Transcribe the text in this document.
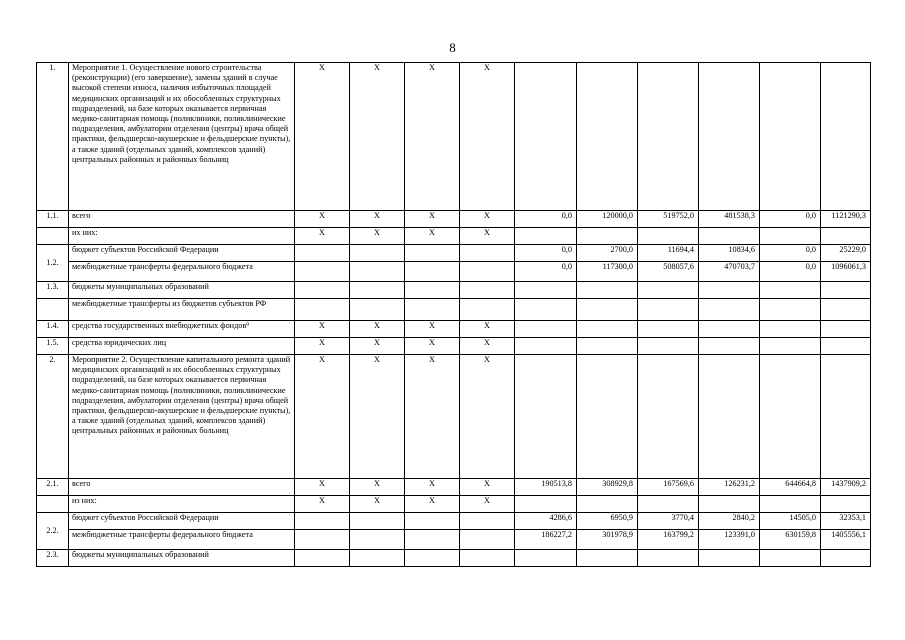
8
1.	Мероприятие 1. Осуществление нового строительства (реконструкции) (его завершение), замены зданий в случае высокой степени износа, наличия избыточных площадей медицинских организаций и их обособленных структурных подразделений, на базе которых оказывается первичная медико-санитарная помощь (поликлиники, поликлинические подразделения, амбулатории отделения (центры) врача общей практики, фельдшерско-акушерские и фельдшерские пункты), а также зданий (отдельных зданий, комплексов зданий) центральных районных и районных больниц	Х	Х	Х	Х						
1.1.	всего	Х	Х	Х	Х	0,0	120000,0	519752,0	481538,3	0,0	1121290,3
	их них:	Х	Х	Х	Х						
1.2.	бюджет субъектов Российской Федерации					0,0	2700,0	11694,4	10834,6	0,0	25229,0
	межбюджетные трансферты федерального бюджета					0,0	117300,0	508057,6	470703,7	0,0	1096061,3
1.3.	бюджеты муниципальных образований										
	межбюджетные трансферты из бюджетов субъектов РФ										
1.4.	средства государственных внебюджетных фондов⁹	Х	Х	Х	Х						
1.5.	средства юридических лиц	Х	Х	Х	Х						
2.	Мероприятие 2. Осуществление капитального ремонта зданий медицинских организаций и их обособленных структурных подразделений, на базе которых оказывается первичная медико-санитарная помощь (поликлиники, поликлинические подразделения, амбулатории отделения (центры) врача общей практики, фельдшерско-акушерские и фельдшерские пункты), а также зданий (отдельных зданий, комплексов зданий) центральных районных и районных больниц	Х	Х	Х	Х						
2.1.	всего	Х	Х	Х	Х	190513,8	308929,8	167569,6	126231,2	644664,8	1437909,2
	из них:	Х	Х	Х	Х						
2.2.	бюджет субъектов Российской Федерации					4286,6	6950,9	3770,4	2840,2	14505,0	32353,1
	межбюджетные трансферты федерального бюджета					186227,2	301978,9	163799,2	123391,0	630159,8	1405556,1
2.3.	бюджеты муниципальных образований										
